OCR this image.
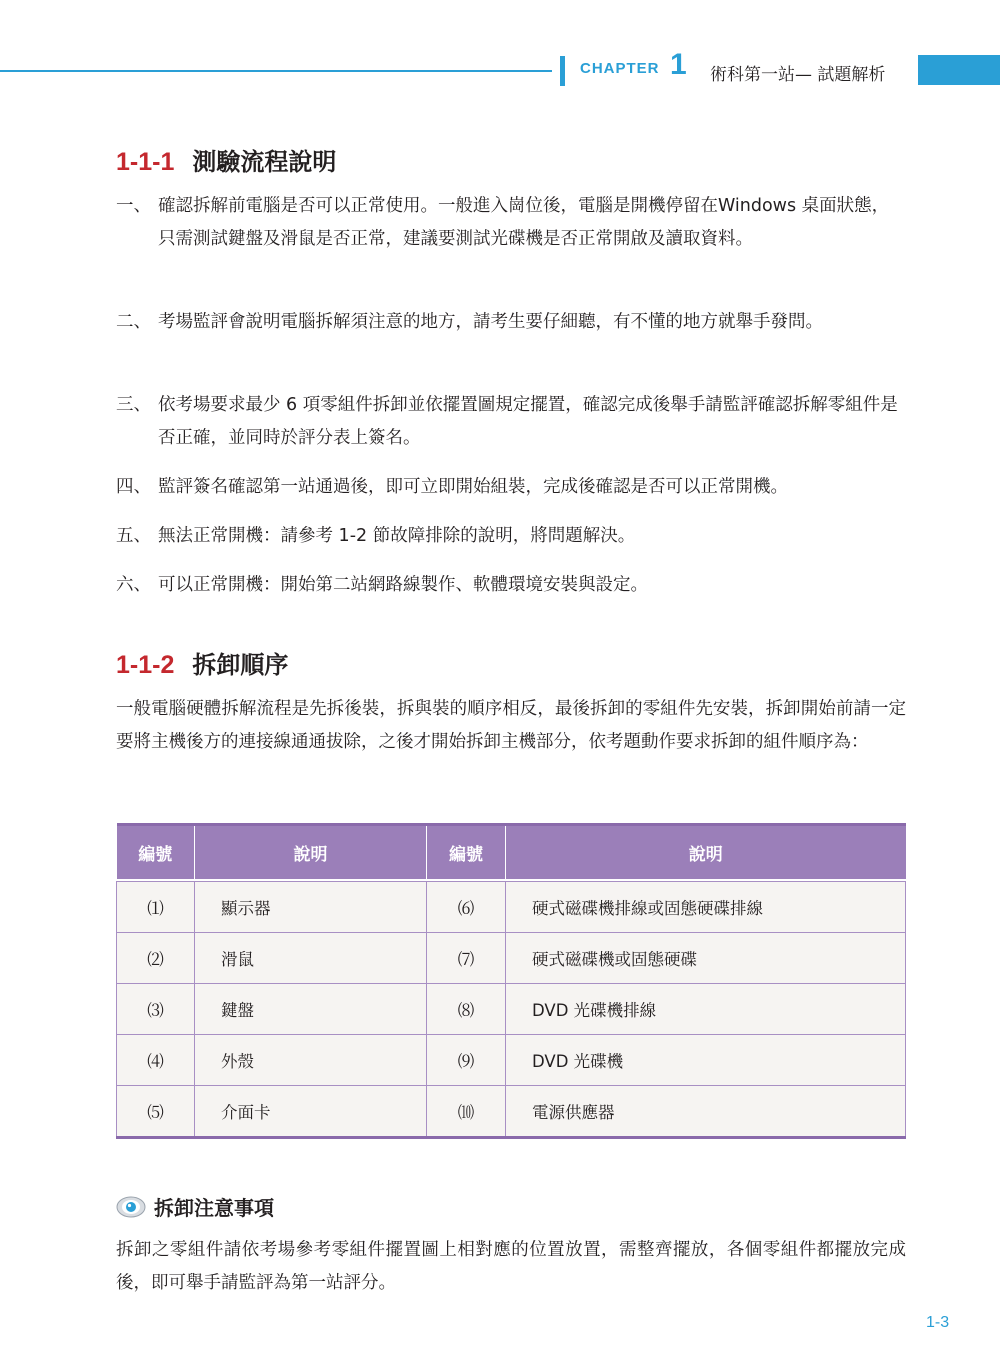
CHAPTER 1 術科第一站— 試題解析
1-1-1 測驗流程說明
一、 確認拆解前電腦是否可以正常使用。一般進入崗位後，電腦是開機停留在Windows 桌面狀態，只需測試鍵盤及滑鼠是否正常，建議要測試光碟機是否正常開啟及讀取資料。
二、 考場監評會說明電腦拆解須注意的地方，請考生要仔細聽，有不懂的地方就舉手發問。
三、 依考場要求最少 6 項零組件拆卸並依擺置圖規定擺置，確認完成後舉手請監評確認拆解零組件是否正確，並同時於評分表上簽名。
四、 監評簽名確認第一站通過後，即可立即開始組裝，完成後確認是否可以正常開機。
五、 無法正常開機：請參考 1-2 節故障排除的說明，將問題解決。
六、 可以正常開機：開始第二站網路線製作、軟體環境安裝與設定。
1-1-2 拆卸順序
一般電腦硬體拆解流程是先拆後裝，拆與裝的順序相反，最後拆卸的零組件先安裝，拆卸開始前請一定要將主機後方的連接線通通拔除，之後才開始拆卸主機部分，依考題動作要求拆卸的組件順序為：
編號	說明	編號	說明

⑴	顯示器	⑹	硬式磁碟機排線或固態硬碟排線
⑵	滑鼠	⑺	硬式磁碟機或固態硬碟
⑶	鍵盤	⑻	DVD 光碟機排線
⑷	外殼	⑼	DVD 光碟機
⑸	介面卡	⑽	電源供應器
拆卸注意事項
拆卸之零組件請依考場參考零組件擺置圖上相對應的位置放置，需整齊擺放，各個零組件都擺放完成後，即可舉手請監評為第一站評分。
1-3
